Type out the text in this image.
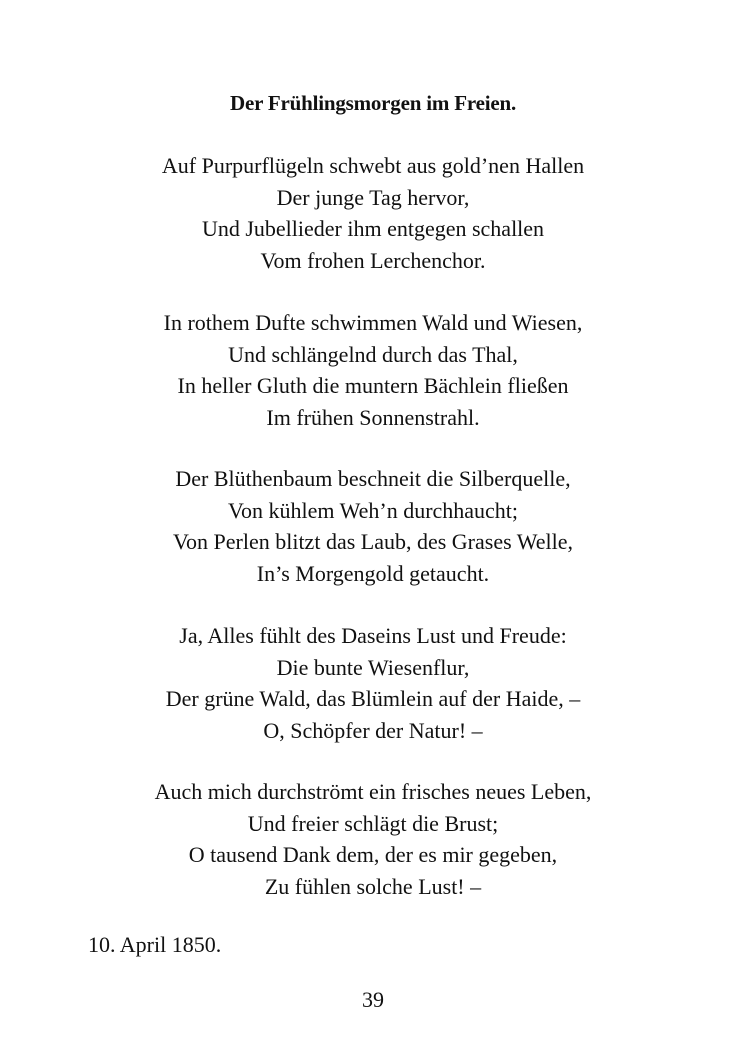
Der Frühlingsmorgen im Freien.
Auf Purpurflügeln schwebt aus gold’nen Hallen
Der junge Tag hervor,
Und Jubellieder ihm entgegen schallen
Vom frohen Lerchenchor.
In rothem Dufte schwimmen Wald und Wiesen,
Und schlängelnd durch das Thal,
In heller Gluth die muntern Bächlein fließen
Im frühen Sonnenstrahl.
Der Blüthenbaum beschneit die Silberquelle,
Von kühlem Weh’n durchhaucht;
Von Perlen blitzt das Laub, des Grases Welle,
In’s Morgengold getaucht.
Ja, Alles fühlt des Daseins Lust und Freude:
Die bunte Wiesenflur,
Der grüne Wald, das Blümlein auf der Haide, –
O, Schöpfer der Natur! –
Auch mich durchströmt ein frisches neues Leben,
Und freier schlägt die Brust;
O tausend Dank dem, der es mir gegeben,
Zu fühlen solche Lust! –
10. April 1850.
39
